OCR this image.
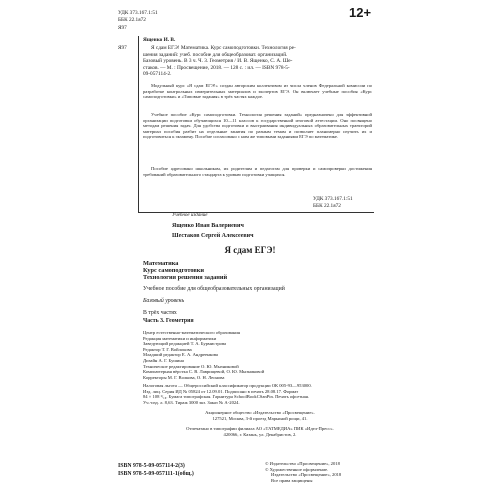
УДК 373.167.1:51
ББК 22.1я72
Я97
12+
Ященко И. В.
Я97	Я сдам ЕГЭ! Математика. Курс самоподготовки. Технология ре-
шения заданий: учеб. пособие для общеобразоват. организаций.
Базовый уровень. В 3 ч. Ч. 3. Геометрия / И. В. Ященко, С. А. Ше-
стаков. — М. : Просвещение, 2018. — 128 с. : ил. — ISBN 978-5-
09-057114-2.
Модульный курс «Я сдам ЕГЭ!» создан авторским коллективом из числа членов Федеральной комиссии по разработке контрольных измерительных материалов и экспертов ЕГЭ. Он включает учебные пособия «Курс самоподготовки» и «Типовые задания» в трёх частях каждое.
Учебное пособие «Курс самоподготовки. Технология решения заданий» предназначено для эффективной организации подготовки обучающихся 10—11 классов к государственной итоговой аттестации. Оно посвящено методам решения задач. Для удобства подготовки и выстраивания индивидуальных образовательных траекторий материал пособия разбит на отдельные занятия по разным темам и позволяет планомерно изучить их и подготовиться к экзамену. Пособие согласовано с ним же типовыми заданиями ЕГЭ по математике.
Пособие адресовано школьникам, их родителям и педагогам для проверки и самопроверки достижения требований образовательного стандарта к уровню подготовки учащихся.
УДК 373.167.1:51
ББК 22.1я72
Учебное издание
Ященко Иван Валериевич
Шестаков Сергей Алексеевич
Я сдам ЕГЭ!
Математика
Курс самоподготовки
Технология решения заданий
Учебное пособие для общеобразовательных организаций
Базовый уровень
В трёх частях
Часть 3. Геометрия
Центр естественно-математического образования
Редакция математики и информатики
Заведующий редакцией Т. А. Бурмистрова
Редактор Т. Г. Войлокова
Младший редактор Е. А. Андреенкова
Дизайн А. Г. Бушина
Техническое редактирование О. Ю. Мызниковой
Компьютерная вёрстка С. В. Лаврищевой, О. Ю. Мызниковой
Корректоры М. Г. Волкова, О. Н. Леонова
Налоговая льгота — Общероссийский классификатор продукции ОК 005-93—953000.
Изд. лиц. Серия ИД № 05824 от 12.09.01. Подписано в печать 28.08.17. Формат
84 × 108 ¹/₁₆. Бумага типографская. Гарнитура SchoolBookCSanPin. Печать офсетная.
Уч.-изд. л. 8,63. Тираж 3000 экз. Заказ № А-2024.
Акционерное общество «Издательство «Просвещение».
127521, Москва, 3-й проезд Марьиной рощи, 41.
Отпечатано в типографии филиала АО «ТАТМЕДИА» ПИК «Идел-Пресс».
420066, г. Казань, ул. Декабристов, 2.
ISBN 978-5-09-057114-2(3)
ISBN 978-5-09-057111-1(общ.)
© Издательство «Просвещение», 2018
© Художественное оформление.
Издательство «Просвещение», 2018
Все права защищены
